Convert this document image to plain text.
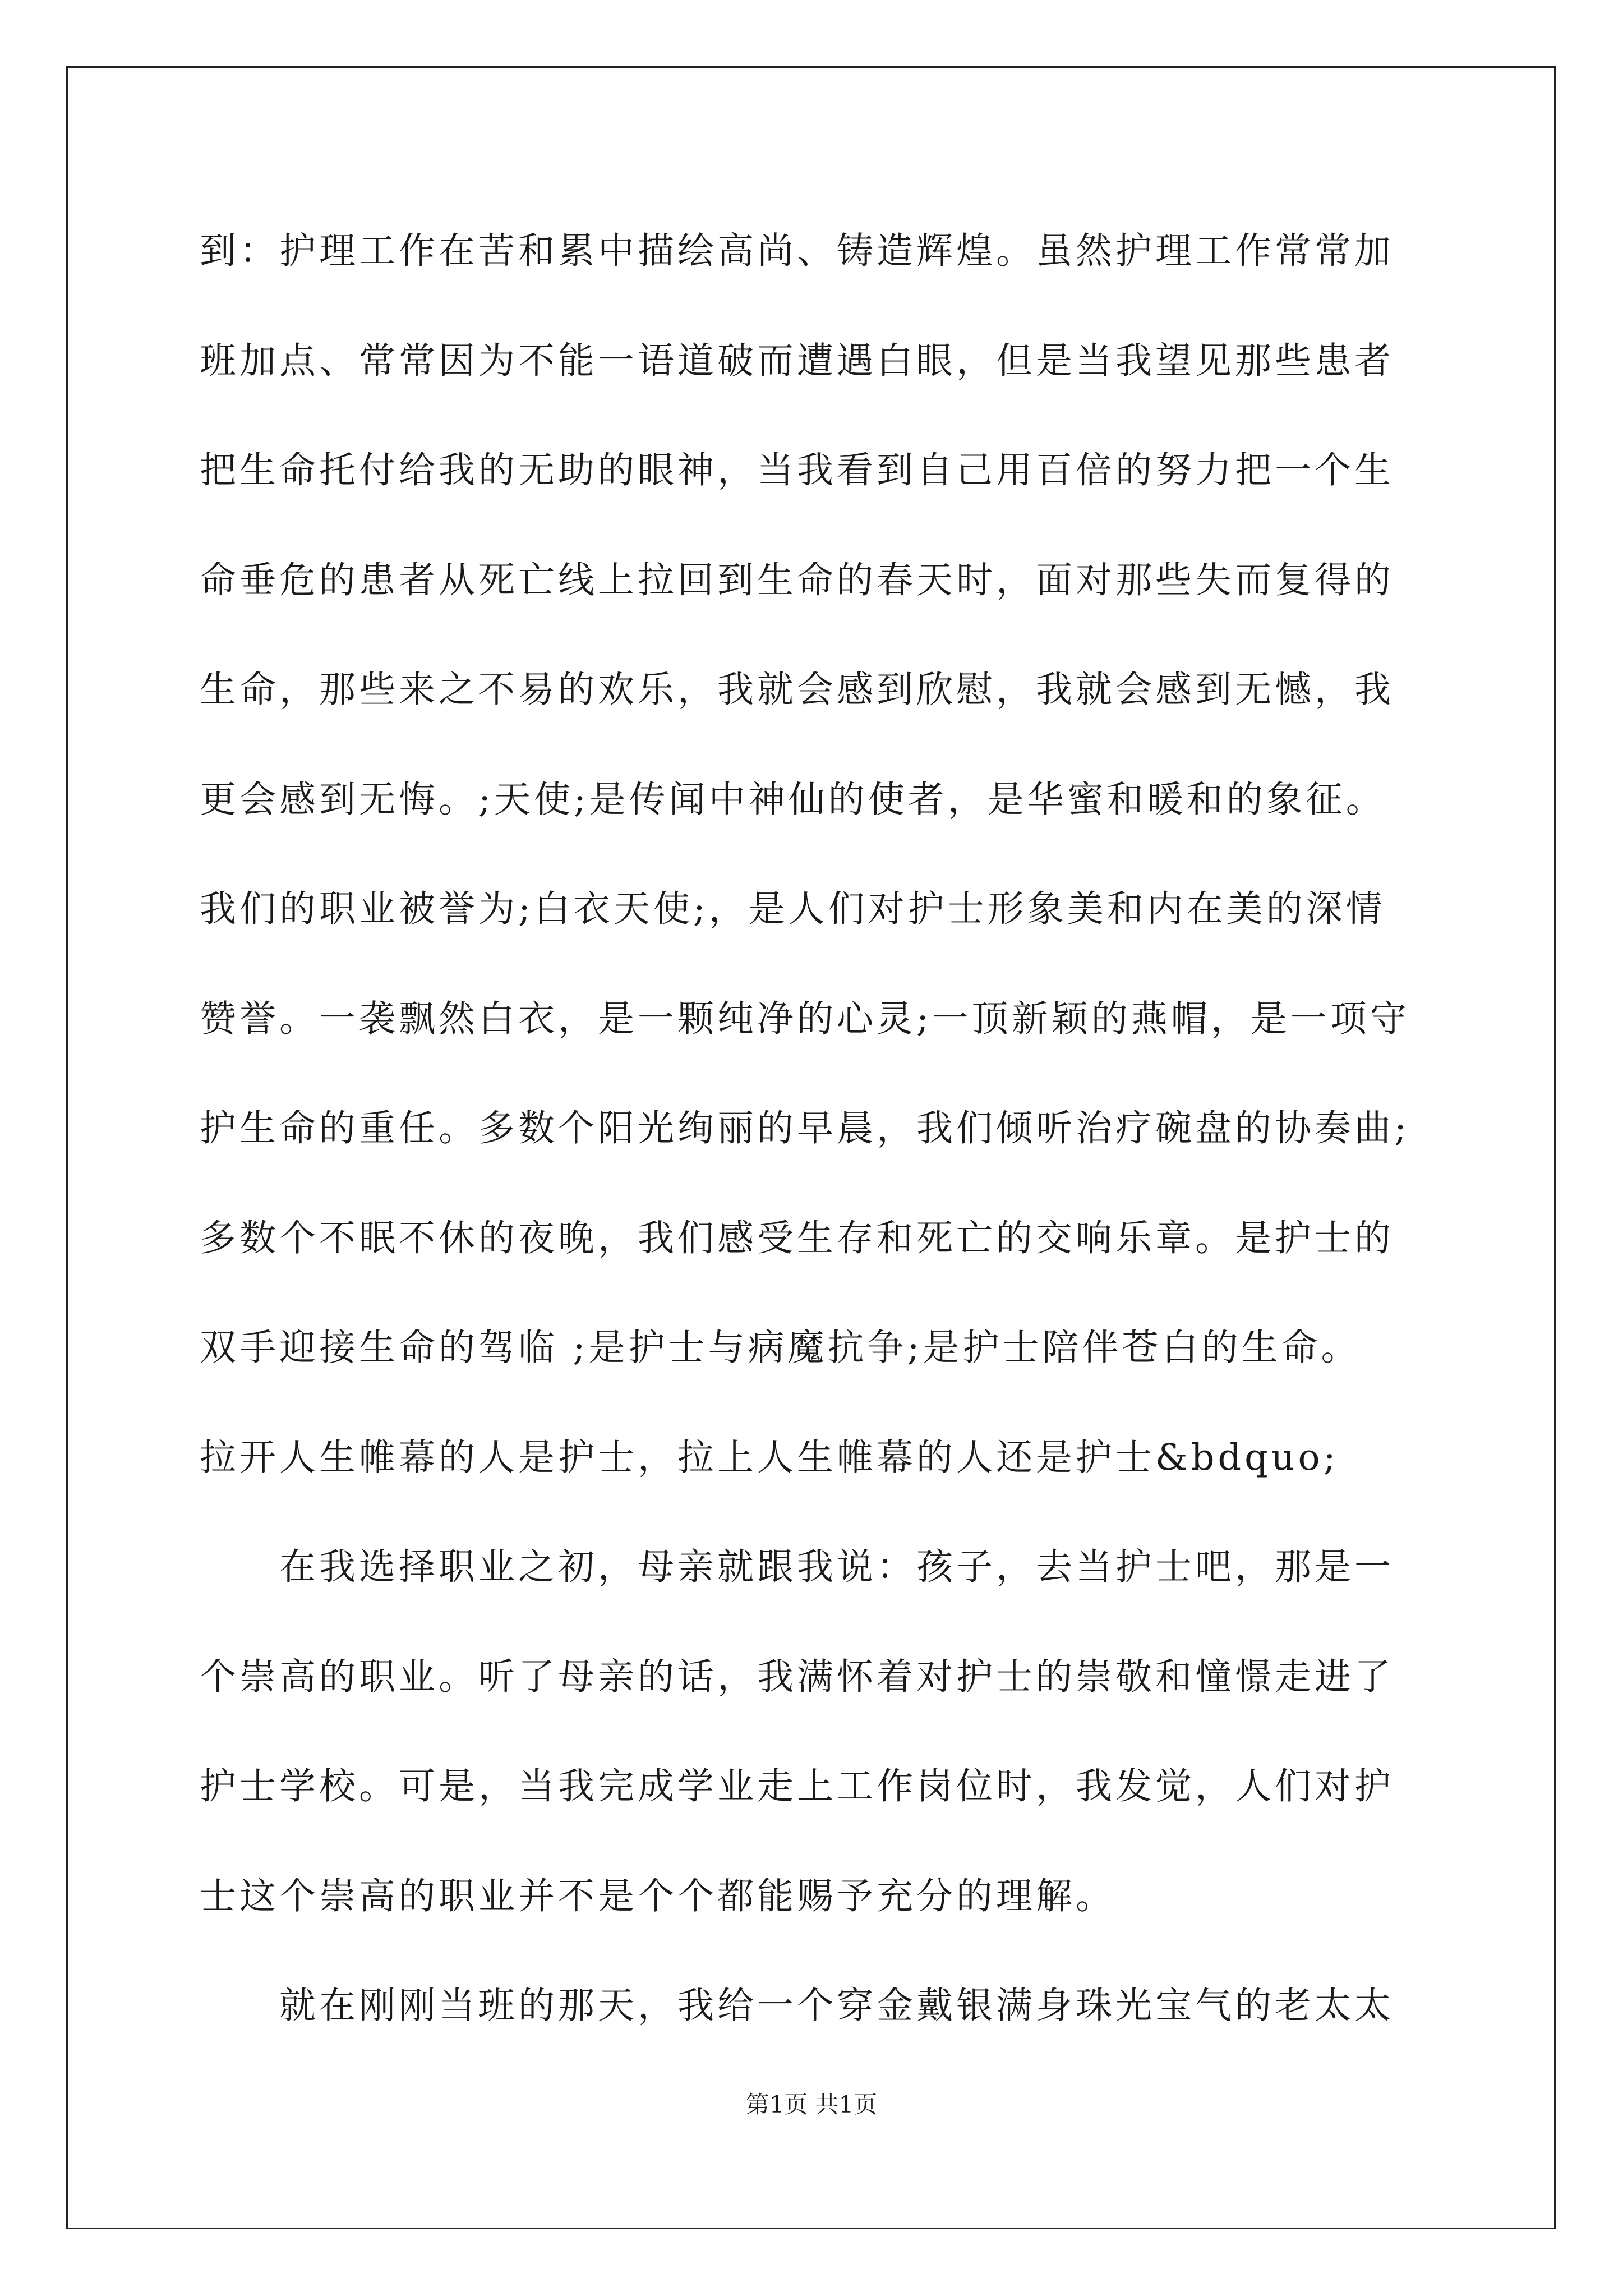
到：护理工作在苦和累中描绘高尚、铸造辉煌。虽然护理工作常常加
班加点、常常因为不能一语道破而遭遇白眼，但是当我望见那些患者
把生命托付给我的无助的眼神，当我看到自己用百倍的努力把一个生
命垂危的患者从死亡线上拉回到生命的春天时，面对那些失而复得的
生命，那些来之不易的欢乐，我就会感到欣慰，我就会感到无憾，我
更会感到无悔。;天使;是传闻中神仙的使者，是华蜜和暖和的象征。
我们的职业被誉为;白衣天使;，是人们对护士形象美和内在美的深情
赞誉。一袭飘然白衣，是一颗纯净的心灵;一顶新颖的燕帽，是一项守
护生命的重任。多数个阳光绚丽的早晨，我们倾听治疗碗盘的协奏曲;
多数个不眠不休的夜晚，我们感受生存和死亡的交响乐章。是护士的
双手迎接生命的驾临 ;是护士与病魔抗争;是护士陪伴苍白的生命。
拉开人生帷幕的人是护士，拉上人生帷幕的人还是护士&bdquo;
在我选择职业之初，母亲就跟我说：孩子，去当护士吧，那是一
个崇高的职业。听了母亲的话，我满怀着对护士的崇敬和憧憬走进了
护士学校。可是，当我完成学业走上工作岗位时，我发觉，人们对护
士这个崇高的职业并不是个个都能赐予充分的理解。
就在刚刚当班的那天，我给一个穿金戴银满身珠光宝气的老太太
第1页 共1页
